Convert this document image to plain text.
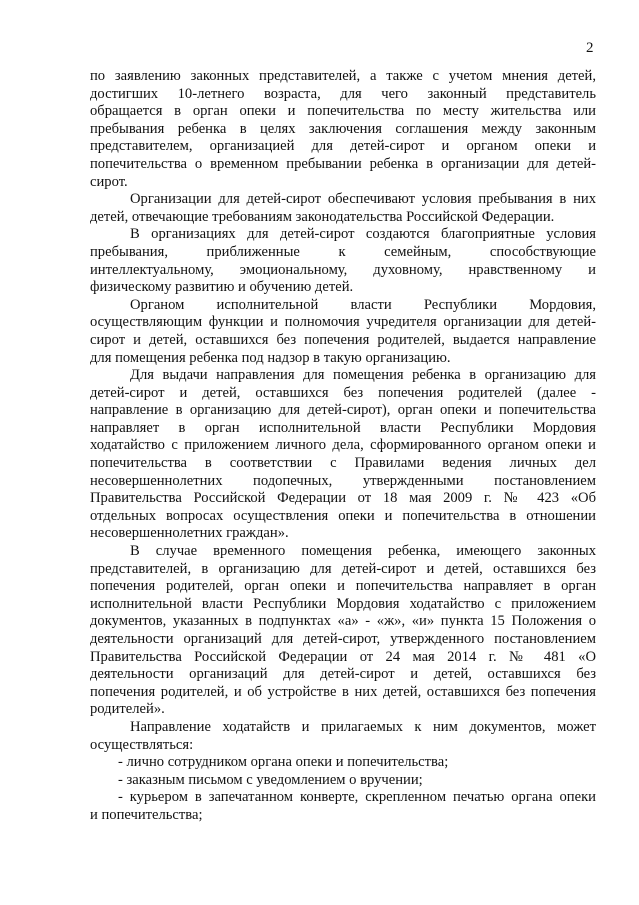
2
по заявлению законных представителей, а также с учетом мнения детей,
достигших 10-летнего возраста, для чего законный представитель
обращается в орган опеки и попечительства по месту жительства или
пребывания ребенка в целях заключения соглашения между законным
представителем, организацией для детей-сирот и органом опеки и
попечительства о временном пребывании ребенка в организации для детей-
сирот.
Организации для детей-сирот обеспечивают условия пребывания в них
детей, отвечающие требованиям законодательства Российской Федерации.
В организациях для детей-сирот создаются благоприятные условия
пребывания, приближенные к семейным, способствующие
интеллектуальному, эмоциональному, духовному, нравственному и
физическому развитию и обучению детей.
Органом исполнительной власти Республики Мордовия,
осуществляющим функции и полномочия учредителя организации для детей-
сирот и детей, оставшихся без попечения родителей, выдается направление
для помещения ребенка под надзор в такую организацию.
Для выдачи направления для помещения ребенка в организацию для
детей-сирот и детей, оставшихся без попечения родителей (далее -
направление в организацию для детей-сирот), орган опеки и попечительства
направляет в орган исполнительной власти Республики Мордовия
ходатайство с приложением личного дела, сформированного органом опеки и
попечительства в соответствии с Правилами ведения личных дел
несовершеннолетних подопечных, утвержденными постановлением
Правительства Российской Федерации от 18 мая 2009 г. № 423 «Об
отдельных вопросах осуществления опеки и попечительства в отношении
несовершеннолетних граждан».
В случае временного помещения ребенка, имеющего законных
представителей, в организацию для детей-сирот и детей, оставшихся без
попечения родителей, орган опеки и попечительства направляет в орган
исполнительной власти Республики Мордовия ходатайство с приложением
документов, указанных в подпунктах «а» - «ж», «и» пункта 15 Положения о
деятельности организаций для детей-сирот, утвержденного постановлением
Правительства Российской Федерации от 24 мая 2014 г. № 481 «О
деятельности организаций для детей-сирот и детей, оставшихся без
попечения родителей, и об устройстве в них детей, оставшихся без попечения
родителей».
Направление ходатайств и прилагаемых к ним документов, может
осуществляться:
- лично сотрудником органа опеки и попечительства;
- заказным письмом с уведомлением о вручении;
- курьером в запечатанном конверте, скрепленном печатью органа опеки
и попечительства;
